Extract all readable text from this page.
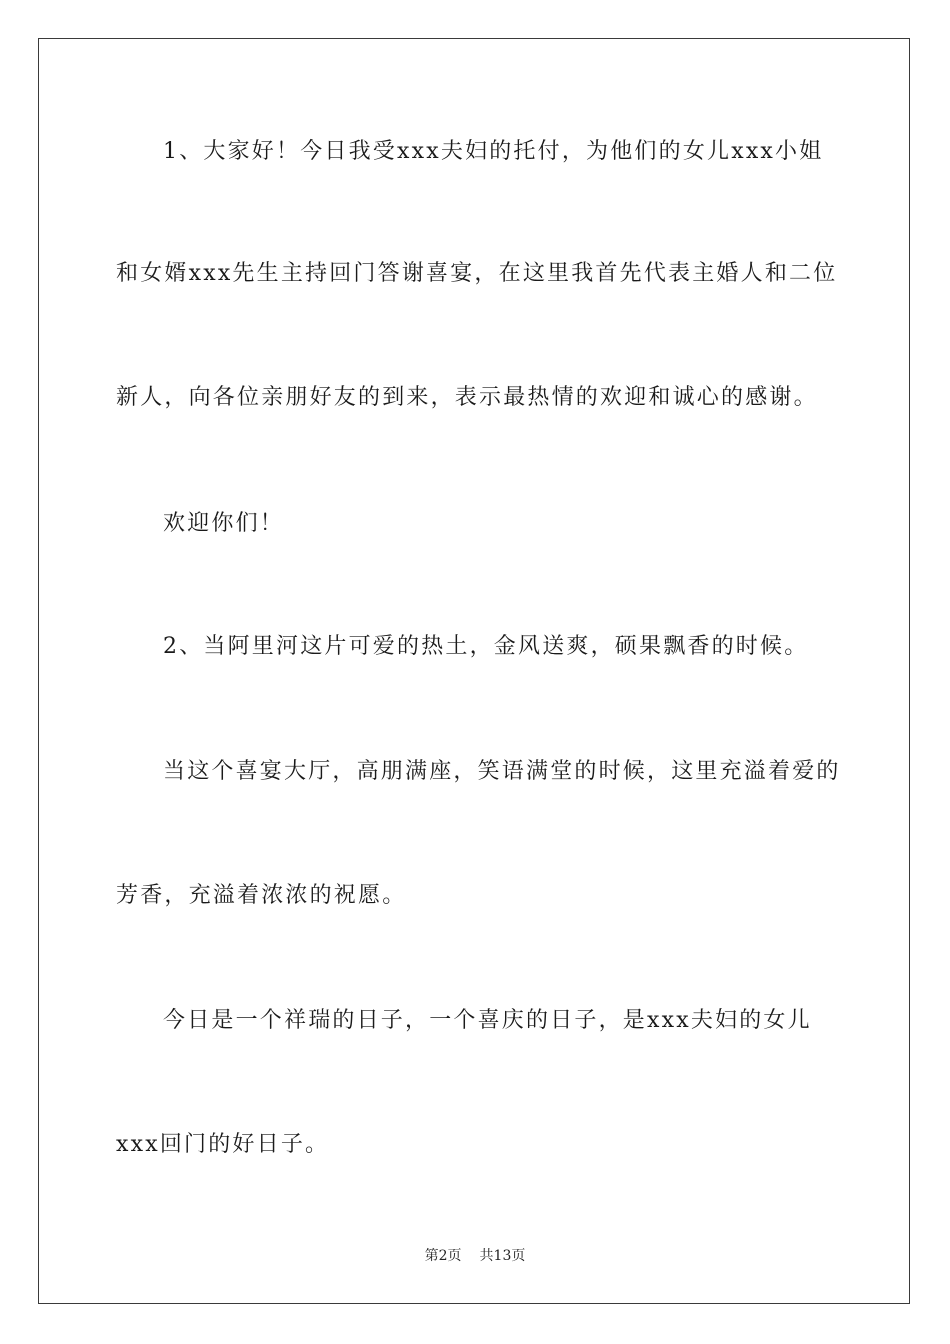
1、大家好！今日我受xxx夫妇的托付，为他们的女儿xxx小姐
和女婿xxx先生主持回门答谢喜宴，在这里我首先代表主婚人和二位
新人，向各位亲朋好友的到来，表示最热情的欢迎和诚心的感谢。
欢迎你们！
2、当阿里河这片可爱的热土，金风送爽，硕果飘香的时候。
当这个喜宴大厅，高朋满座，笑语满堂的时候，这里充溢着爱的
芳香，充溢着浓浓的祝愿。
今日是一个祥瑞的日子，一个喜庆的日子，是xxx夫妇的女儿
xxx回门的好日子。
第2页 共13页
